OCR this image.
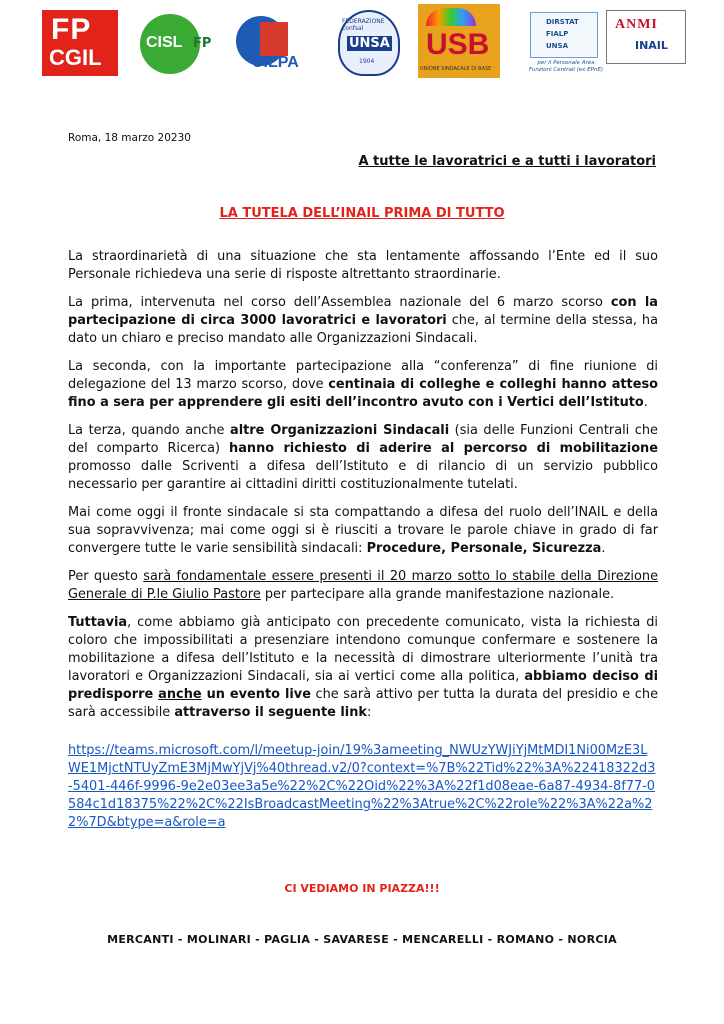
FP
CGIL
CISL FP
UILPA
FEDERAZIONE confsal
UNSA
1904
USB
UNIONE SINDACALE DI BASE
DIRSTAT
FIALP
UNSA
per il Personale Area Funzioni Centrali (ex EPnE)
ANMI
INAIL
Roma, 18 marzo 20230
A tutte le lavoratrici e a tutti i lavoratori
LA TUTELA DELL’INAIL PRIMA DI TUTTO

La straordinarietà di una situazione che sta lentamente affossando l’Ente ed il suo Personale richiedeva una serie di risposte altrettanto straordinarie.

La prima, intervenuta nel corso dell’Assemblea nazionale del 6 marzo scorso con la partecipazione di circa 3000 lavoratrici e lavoratori che, al termine della stessa, ha dato un chiaro e preciso mandato alle Organizzazioni Sindacali.

La seconda, con la importante partecipazione alla “conferenza” di fine riunione di delegazione del 13 marzo scorso, dove centinaia di colleghe e colleghi hanno atteso fino a sera per apprendere gli esiti dell’incontro avuto con i Vertici dell’Istituto.

La terza, quando anche altre Organizzazioni Sindacali (sia delle Funzioni Centrali che del comparto Ricerca) hanno richiesto di aderire al percorso di mobilitazione promosso dalle Scriventi a difesa dell’Istituto e di rilancio di un servizio pubblico necessario per garantire ai cittadini diritti costituzionalmente tutelati.

Mai come oggi il fronte sindacale si sta compattando a difesa del ruolo dell’INAIL e della sua sopravvivenza; mai come oggi si è riusciti a trovare le parole chiave in grado di far convergere tutte le varie sensibilità sindacali: Procedure, Personale, Sicurezza.

Per questo sarà fondamentale essere presenti il 20 marzo sotto lo stabile della Direzione Generale di P.le Giulio Pastore per partecipare alla grande manifestazione nazionale.

Tuttavia, come abbiamo già anticipato con precedente comunicato, vista la richiesta di coloro che impossibilitati a presenziare intendono comunque confermare e sostenere la mobilitazione a difesa dell’Istituto e la necessità di dimostrare ulteriormente l’unità tra lavoratori e Organizzazioni Sindacali, sia ai vertici come alla politica, abbiamo deciso di predisporre anche un evento live che sarà attivo per tutta la durata del presidio e che sarà accessibile attraverso il seguente link:

https://teams.microsoft.com/l/meetup-join/19%3ameeting_NWUzYWJiYjMtMDI1Ni00MzE3LWE1MjctNTUyZmE3MjMwYjVj%40thread.v2/0?context=%7B%22Tid%22%3A%22418322d3-5401-446f-9996-9e2e03ee3a5e%22%2C%22Oid%22%3A%22f1d08eae-6a87-4934-8f77-0584c1d18375%22%2C%22IsBroadcastMeeting%22%3Atrue%2C%22role%22%3A%22a%22%7D&btype=a&role=a
CI VEDIAMO IN PIAZZA!!!
MERCANTI - MOLINARI - PAGLIA - SAVARESE - MENCARELLI - ROMANO - NORCIA
